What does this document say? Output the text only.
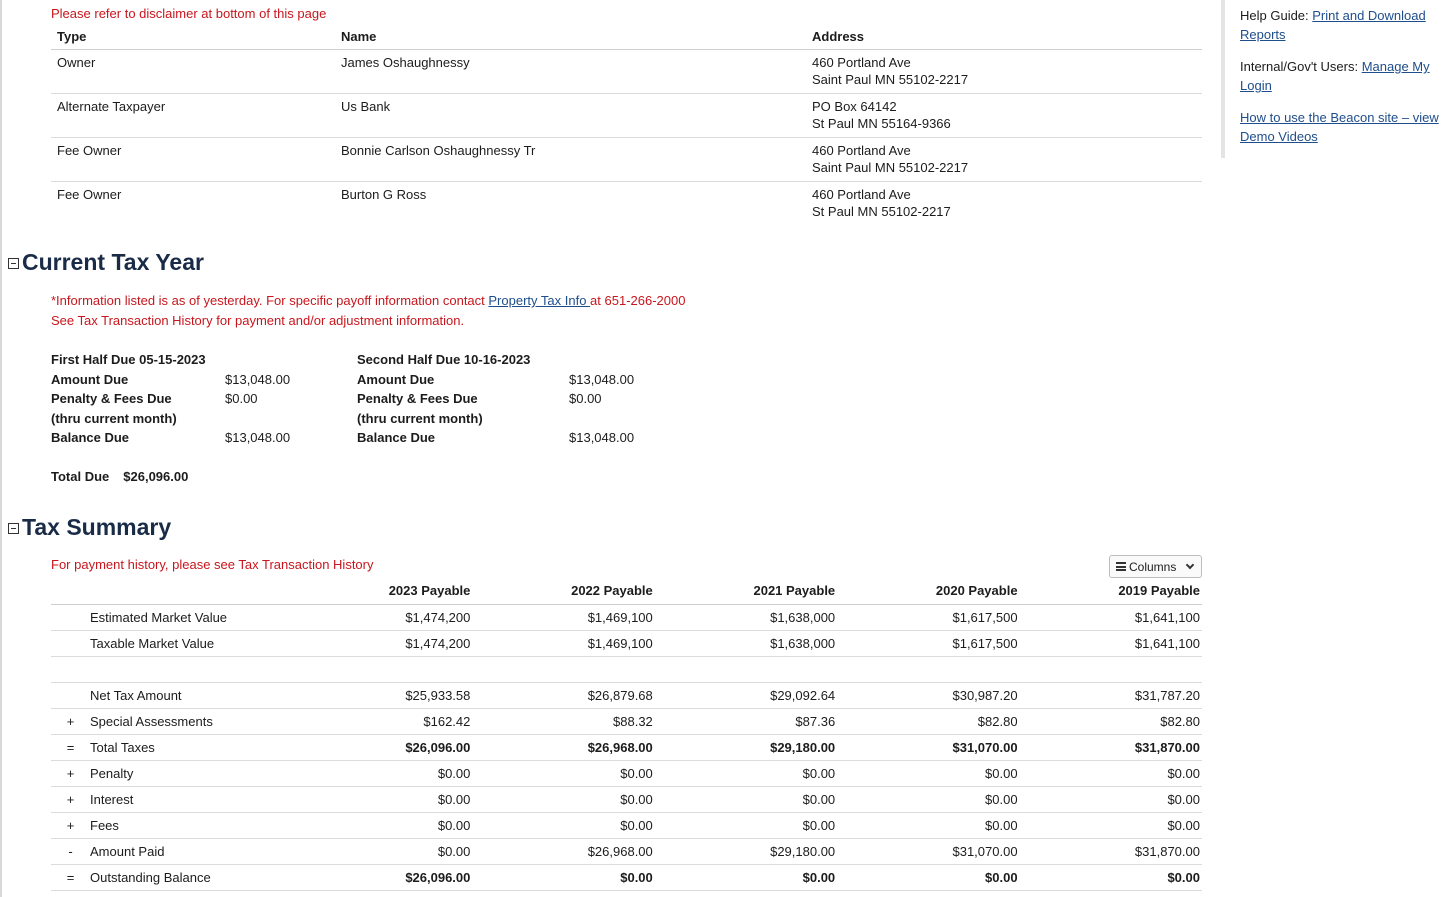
Please refer to disclaimer at bottom of this page
Type	Name	Address
Owner	James Oshaughnessy	460 Portland Ave
Saint Paul MN 55102-2217

Alternate Taxpayer	Us Bank	PO Box 64142
St Paul MN 55164-9366

Fee Owner	Bonnie Carlson Oshaughnessy Tr	460 Portland Ave
Saint Paul MN 55102-2217

Fee Owner	Burton G Ross	460 Portland Ave
St Paul MN 55102-2217
Current Tax Year
*Information listed is as of yesterday. For specific payoff information contact Property Tax Info at 651-266-2000
See Tax Transaction History for payment and/or adjustment information.
First Half Due 05-15-2023
Amount Due	$13,048.00
Penalty & Fees Due	$0.00
(thru current month)
Balance Due	$13,048.00
Second Half Due 10-16-2023
Amount Due	$13,048.00
Penalty & Fees Due	$0.00
(thru current month)
Balance Due	$13,048.00
Total Due $26,096.00
Tax Summary
For payment history, please see Tax Transaction History	Columns
		2023 Payable	2022 Payable	2021 Payable	2020 Payable	2019 Payable
	Estimated Market Value	$1,474,200	$1,469,100	$1,638,000	$1,617,500	$1,641,100
	Taxable Market Value	$1,474,200	$1,469,100	$1,638,000	$1,617,500	$1,641,100

	Net Tax Amount	$25,933.58	$26,879.68	$29,092.64	$30,987.20	$31,787.20
+	Special Assessments	$162.42	$88.32	$87.36	$82.80	$82.80
=	Total Taxes	$26,096.00	$26,968.00	$29,180.00	$31,070.00	$31,870.00
+	Penalty	$0.00	$0.00	$0.00	$0.00	$0.00
+	Interest	$0.00	$0.00	$0.00	$0.00	$0.00
+	Fees	$0.00	$0.00	$0.00	$0.00	$0.00
-	Amount Paid	$0.00	$26,968.00	$29,180.00	$31,070.00	$31,870.00
=	Outstanding Balance	$26,096.00	$0.00	$0.00	$0.00	$0.00

Help Guide: Print and Download Reports

Internal/Gov't Users: Manage My Login

How to use the Beacon site – view Demo Videos
